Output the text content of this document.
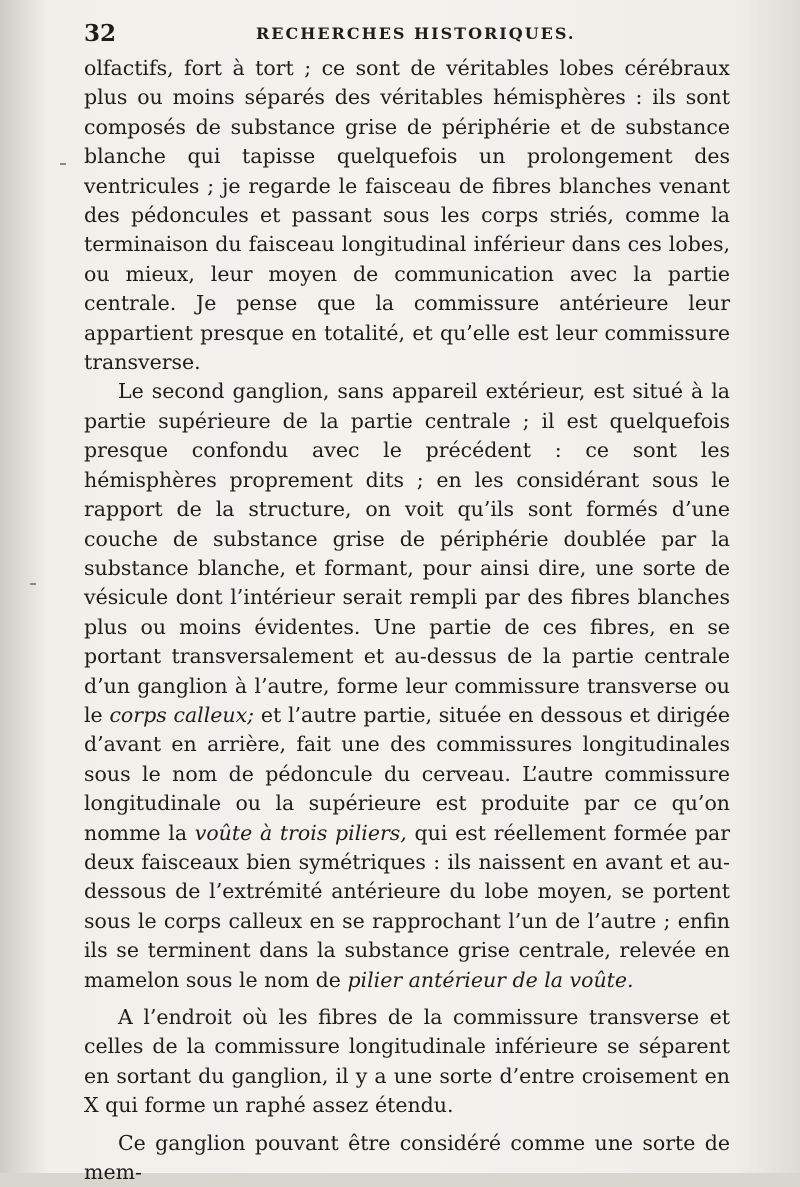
32	RECHERCHES HISTORIQUES.

olfactifs, fort à tort ; ce sont de véritables lobes cérébraux plus ou moins séparés des véritables hémisphères : ils sont composés de substance grise de périphérie et de substance blanche qui tapisse quelquefois un prolongement des ventricules ; je regarde le faisceau de fibres blanches venant des pédoncules et passant sous les corps striés, comme la terminaison du faisceau longitudinal inférieur dans ces lobes, ou mieux, leur moyen de communication avec la partie centrale. Je pense que la commissure antérieure leur appartient presque en totalité, et qu’elle est leur commissure transverse.

Le second ganglion, sans appareil extérieur, est situé à la partie supérieure de la partie centrale ; il est quelquefois presque confondu avec le précédent : ce sont les hémisphères proprement dits ; en les considérant sous le rapport de la structure, on voit qu’ils sont formés d’une couche de substance grise de périphérie doublée par la substance blanche, et formant, pour ainsi dire, une sorte de vésicule dont l’intérieur serait rempli par des fibres blanches plus ou moins évidentes. Une partie de ces fibres, en se portant transversalement et au-dessus de la partie centrale d’un ganglion à l’autre, forme leur commissure transverse ou le corps calleux; et l’autre partie, située en dessous et dirigée d’avant en arrière, fait une des commissures longitudinales sous le nom de pédoncule du cerveau. L’autre commissure longitudinale ou la supérieure est produite par ce qu’on nomme la voûte à trois piliers, qui est réellement formée par deux faisceaux bien symétriques : ils naissent en avant et au-dessous de l’extrémité antérieure du lobe moyen, se portent sous le corps calleux en se rapprochant l’un de l’autre ; enfin ils se terminent dans la substance grise centrale, relevée en mamelon sous le nom de pilier antérieur de la voûte.

A l’endroit où les fibres de la commissure transverse et celles de la commissure longitudinale inférieure se séparent en sortant du ganglion, il y a une sorte d’entre croisement en X qui forme un raphé assez étendu.

Ce ganglion pouvant être considéré comme une sorte de mem-
